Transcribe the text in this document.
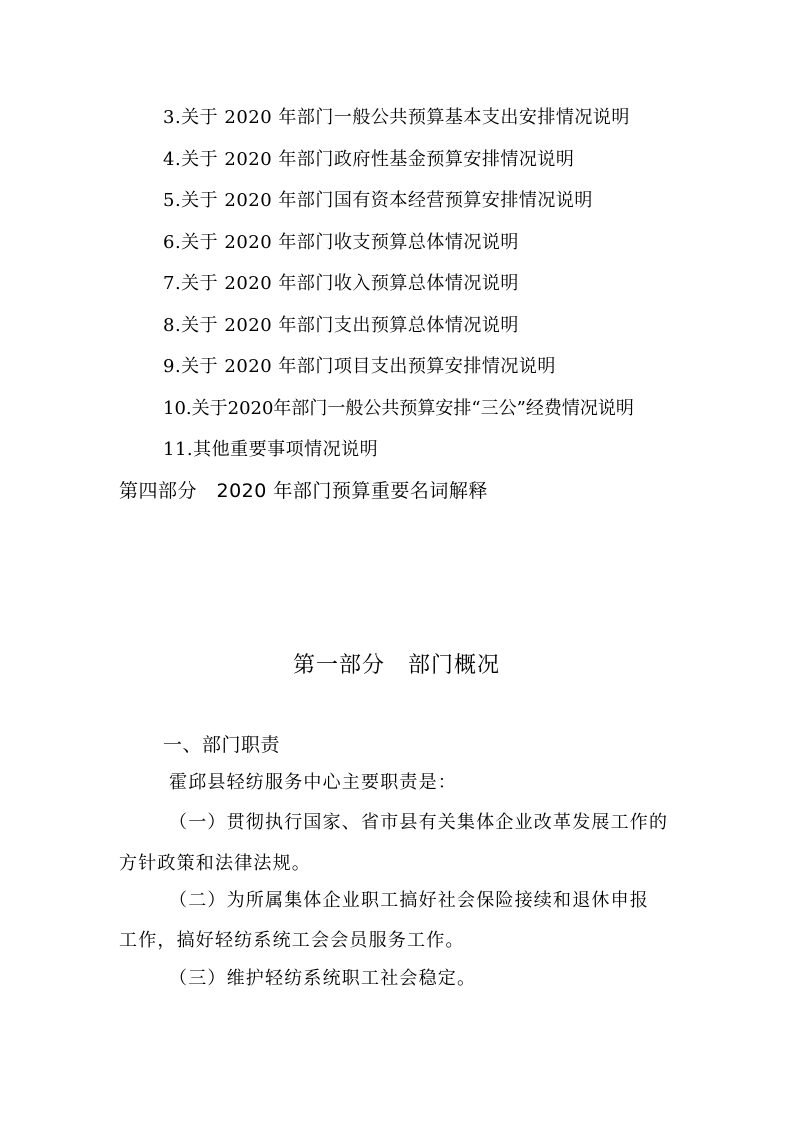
3.关于 2020 年部门一般公共预算基本支出安排情况说明
4.关于 2020 年部门政府性基金预算安排情况说明
5.关于 2020 年部门国有资本经营预算安排情况说明
6.关于 2020 年部门收支预算总体情况说明
7.关于 2020 年部门收入预算总体情况说明
8.关于 2020 年部门支出预算总体情况说明
9.关于 2020 年部门项目支出预算安排情况说明
10.关于2020年部门一般公共预算安排“三公”经费情况说明
11.其他重要事项情况说明
第四部分　2020 年部门预算重要名词解释
第一部分　部门概况
一、部门职责
霍邱县轻纺服务中心主要职责是：
（一）贯彻执行国家、省市县有关集体企业改革发展工作的
方针政策和法律法规。
（二）为所属集体企业职工搞好社会保险接续和退休申报
工作，搞好轻纺系统工会会员服务工作。
（三）维护轻纺系统职工社会稳定。
